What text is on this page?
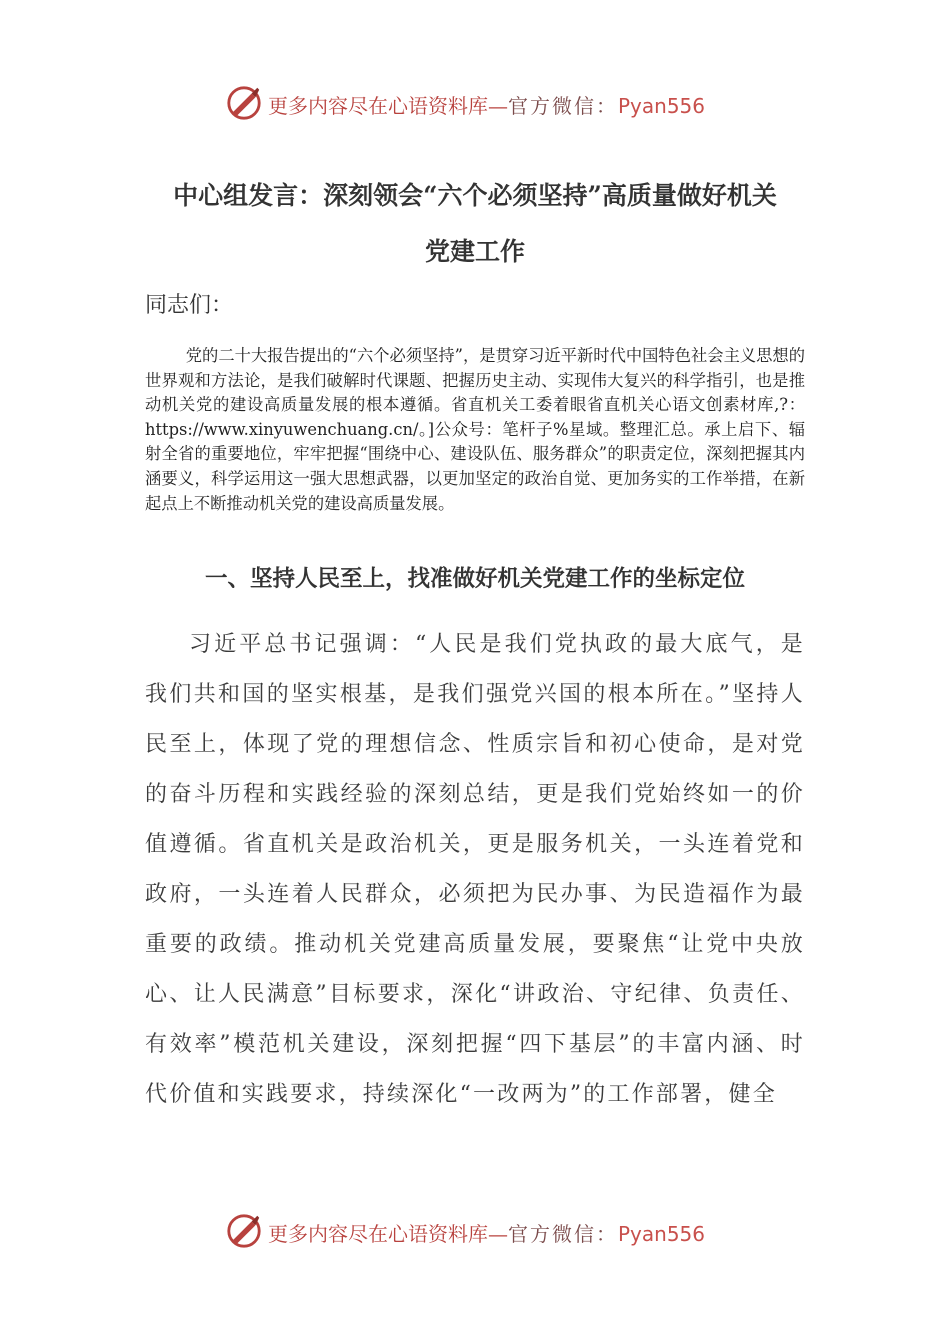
更多内容尽在心语资料库—官方微信：Pyan556
中心组发言：深刻领会“六个必须坚持”高质量做好机关
党建工作
同志们：

党的二十大报告提出的“六个必须坚持”，是贯穿习近平新时代中国特色社会主义思想的世界观和方法论，是我们破解时代课题、把握历史主动、实现伟大复兴的科学指引，也是推动机关党的建设高质量发展的根本遵循。省直机关工委着眼省直机关心语文创素材库,?：https://www.xinyuwenchuang.cn/。]公众号：笔杆子%星域。整理汇总。承上启下、辐射全省的重要地位，牢牢把握“围绕中心、建设队伍、服务群众”的职责定位，深刻把握其内涵要义，科学运用这一强大思想武器，以更加坚定的政治自觉、更加务实的工作举措，在新起点上不断推动机关党的建设高质量发展。

一、坚持人民至上，找准做好机关党建工作的坐标定位

习近平总书记强调：“人民是我们党执政的最大底气，是我们共和国的坚实根基，是我们强党兴国的根本所在。”坚持人民至上，体现了党的理想信念、性质宗旨和初心使命，是对党的奋斗历程和实践经验的深刻总结，更是我们党始终如一的价值遵循。省直机关是政治机关，更是服务机关，一头连着党和政府，一头连着人民群众，必须把为民办事、为民造福作为最重要的政绩。推动机关党建高质量发展，要聚焦“让党中央放心、让人民满意”目标要求，深化“讲政治、守纪律、负责任、有效率”模范机关建设，深刻把握“四下基层”的丰富内涵、时代价值和实践要求，持续深化“一改两为”的工作部署，健全

更多内容尽在心语资料库—官方微信：Pyan556
